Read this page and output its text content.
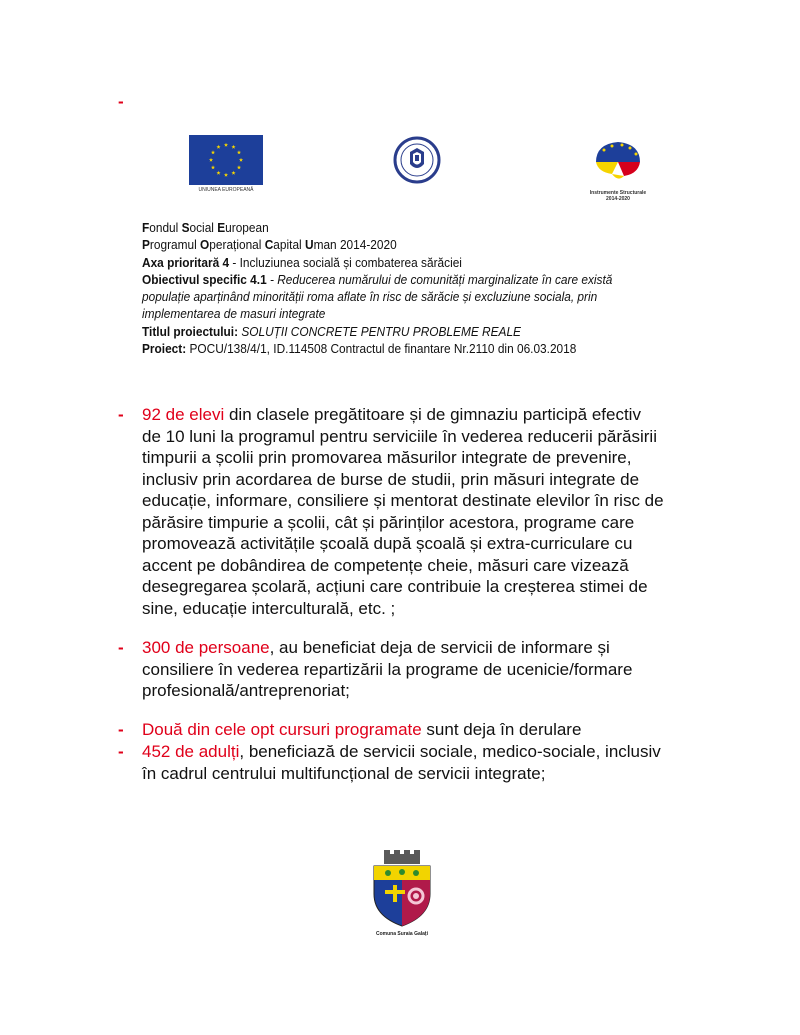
-
UNIUNEA EUROPEANĂ	Instrumente Structurale
2014-2020
Fondul Social European
Programul Operațional Capital Uman 2014-2020
Axa prioritară 4 - Incluziunea socială și combaterea sărăciei
Obiectivul specific 4.1 - Reducerea numărului de comunități marginalizate în care există
populație aparținând minorității roma aflate în risc de sărăcie și excluziune sociala, prin
implementarea de masuri integrate
Titlul proiectului: SOLUȚII CONCRETE PENTRU PROBLEME REALE
Proiect: POCU/138/4/1, ID.114508 Contractul de finantare Nr.2110 din 06.03.2018
- 92 de elevi din clasele pregătitoare și de gimnaziu participă efectiv
de 10 luni la programul pentru serviciile în vederea reducerii părăsirii
timpurii a școlii prin promovarea măsurilor integrate de prevenire,
inclusiv prin acordarea de burse de studii, prin măsuri integrate de
educație, informare, consiliere și mentorat destinate elevilor în risc de
părăsire timpurie a școlii, cât și părinților acestora, programe care
promovează activitățile școală după școală și extra-curriculare cu
accent pe dobândirea de competențe cheie, măsuri care vizează
desegregarea școlară, acțiuni care contribuie la creșterea stimei de
sine, educație interculturală, etc. ;
- 300 de persoane, au beneficiat deja de servicii de informare și
consiliere în vederea repartizării la programe de ucenicie/formare
profesională/antreprenoriat;
- Două din cele opt cursuri programate sunt deja în derulare
- 452 de adulți, beneficiază de servicii sociale, medico-sociale, inclusiv
în cadrul centrului multifuncțional de servicii integrate;
Comuna Suraia Galați
